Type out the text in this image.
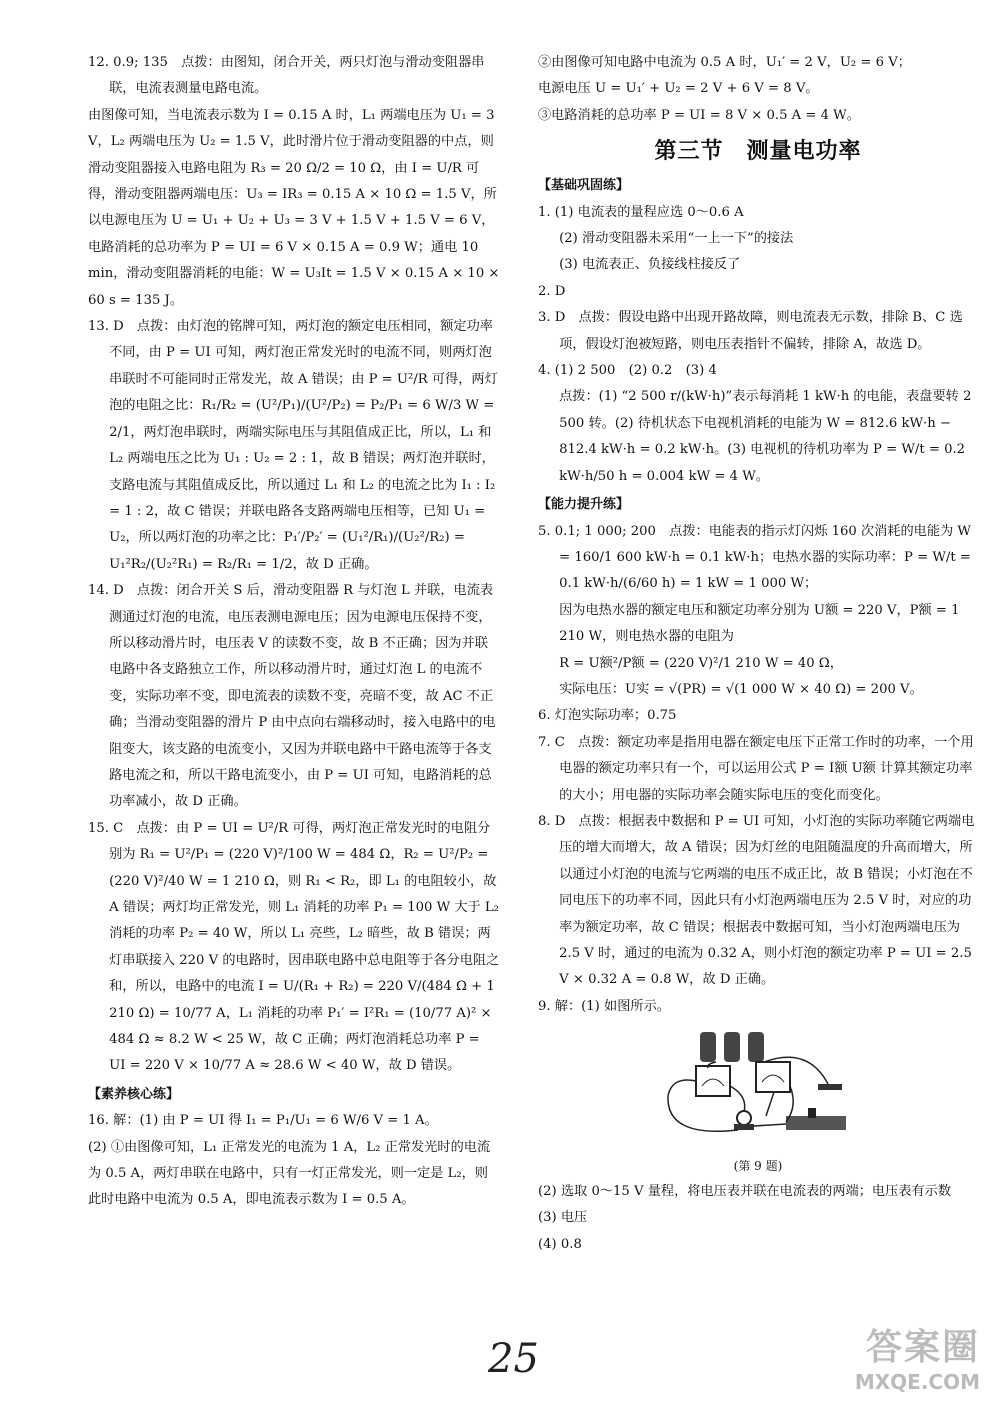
12. 0.9; 135　点拨：由图知，闭合开关，两只灯泡与滑动变阻器串联，电流表测量电路电流。

由图像可知，当电流表示数为 I = 0.15 A 时，L₁ 两端电压为 U₁ = 3 V，L₂ 两端电压为 U₂ = 1.5 V，此时滑片位于滑动变阻器的中点，则滑动变阻器接入电路电阻为 R₃ = 20 Ω/2 = 10 Ω，由 I = U/R 可得，滑动变阻器两端电压：U₃ = IR₃ = 0.15 A × 10 Ω = 1.5 V，所以电源电压为 U = U₁ + U₂ + U₃ = 3 V + 1.5 V + 1.5 V = 6 V，电路消耗的总功率为 P = UI = 6 V × 0.15 A = 0.9 W；通电 10 min，滑动变阻器消耗的电能：W = U₃It = 1.5 V × 0.15 A × 10 × 60 s = 135 J。

13. D　点拨：由灯泡的铭牌可知，两灯泡的额定电压相同，额定功率不同，由 P = UI 可知，两灯泡正常发光时的电流不同，则两灯泡串联时不可能同时正常发光，故 A 错误；由 P = U²/R 可得，两灯泡的电阻之比：R₁/R₂ = (U²/P₁)/(U²/P₂) = P₂/P₁ = 6 W/3 W = 2/1，两灯泡串联时，两端实际电压与其阻值成正比，所以，L₁ 和 L₂ 两端电压之比为 U₁ : U₂ = 2 : 1，故 B 错误；两灯泡并联时，支路电流与其阻值成反比，所以通过 L₁ 和 L₂ 的电流之比为 I₁ : I₂ = 1 : 2，故 C 错误；并联电路各支路两端电压相等，已知 U₁ = U₂，所以两灯泡的功率之比：P₁′/P₂′ = (U₁²/R₁)/(U₂²/R₂) = U₁²R₂/(U₂²R₁) = R₂/R₁ = 1/2，故 D 正确。

14. D　点拨：闭合开关 S 后，滑动变阻器 R 与灯泡 L 并联，电流表测通过灯泡的电流，电压表测电源电压；因为电源电压保持不变，所以移动滑片时，电压表 V 的读数不变，故 B 不正确；因为并联电路中各支路独立工作，所以移动滑片时，通过灯泡 L 的电流不变，实际功率不变，即电流表的读数不变，亮暗不变，故 AC 不正确；当滑动变阻器的滑片 P 由中点向右端移动时，接入电路中的电阻变大，该支路的电流变小，又因为并联电路中干路电流等于各支路电流之和，所以干路电流变小，由 P = UI 可知，电路消耗的总功率减小，故 D 正确。

15. C　点拨：由 P = UI = U²/R 可得，两灯泡正常发光时的电阻分别为 R₁ = U²/P₁ = (220 V)²/100 W = 484 Ω，R₂ = U²/P₂ = (220 V)²/40 W = 1 210 Ω，则 R₁ < R₂，即 L₁ 的电阻较小，故 A 错误；两灯均正常发光，则 L₁ 消耗的功率 P₁ = 100 W 大于 L₂ 消耗的功率 P₂ = 40 W，所以 L₁ 亮些，L₂ 暗些，故 B 错误；两灯串联接入 220 V 的电路时，因串联电路中总电阻等于各分电阻之和，所以，电路中的电流 I = U/(R₁ + R₂) = 220 V/(484 Ω + 1 210 Ω) = 10/77 A，L₁ 消耗的功率 P₁′ = I²R₁ = (10/77 A)² × 484 Ω ≈ 8.2 W < 25 W，故 C 正确；两灯泡消耗总功率 P = UI = 220 V × 10/77 A ≈ 28.6 W < 40 W，故 D 错误。

【素养核心练】

16. 解：(1) 由 P = UI 得 I₁ = P₁/U₁ = 6 W/6 V = 1 A。

(2) ①由图像可知，L₁ 正常发光的电流为 1 A，L₂ 正常发光时的电流为 0.5 A，两灯串联在电路中，只有一灯正常发光，则一定是 L₂，则此时电路中电流为 0.5 A，即电流表示数为 I = 0.5 A。

②由图像可知电路中电流为 0.5 A 时，U₁′ = 2 V，U₂ = 6 V；

电源电压 U = U₁′ + U₂ = 2 V + 6 V = 8 V。

③电路消耗的总功率 P = UI = 8 V × 0.5 A = 4 W。

第三节　测量电功率
【基础巩固练】

1. (1) 电流表的量程应选 0～0.6 A

(2) 滑动变阻器未采用“一上一下”的接法

(3) 电流表正、负接线柱接反了

2. D

3. D　点拨：假设电路中出现开路故障，则电流表无示数，排除 B、C 选项，假设灯泡被短路，则电压表指针不偏转，排除 A，故选 D。

4. (1) 2 500　(2) 0.2　(3) 4

点拨：(1) “2 500 r/(kW·h)”表示每消耗 1 kW·h 的电能，表盘要转 2 500 转。(2) 待机状态下电视机消耗的电能为 W = 812.6 kW·h − 812.4 kW·h = 0.2 kW·h。(3) 电视机的待机功率为 P = W/t = 0.2 kW·h/50 h = 0.004 kW = 4 W。

【能力提升练】

5. 0.1; 1 000; 200　点拨：电能表的指示灯闪烁 160 次消耗的电能为 W = 160/1 600 kW·h = 0.1 kW·h；电热水器的实际功率：P = W/t = 0.1 kW·h/(6/60 h) = 1 kW = 1 000 W；

因为电热水器的额定电压和额定功率分别为 U额 = 220 V，P额 = 1 210 W，则电热水器的电阻为

R = U额²/P额 = (220 V)²/1 210 W = 40 Ω，

实际电压：U实 = √(PR) = √(1 000 W × 40 Ω) = 200 V。

6. 灯泡实际功率；0.75

7. C　点拨：额定功率是指用电器在额定电压下正常工作时的功率，一个用电器的额定功率只有一个，可以运用公式 P = I额 U额 计算其额定功率的大小；用电器的实际功率会随实际电压的变化而变化。

8. D　点拨：根据表中数据和 P = UI 可知，小灯泡的实际功率随它两端电压的增大而增大，故 A 错误；因为灯丝的电阻随温度的升高而增大，所以通过小灯泡的电流与它两端的电压不成正比，故 B 错误；小灯泡在不同电压下的功率不同，因此只有小灯泡两端电压为 2.5 V 时，对应的功率为额定功率，故 C 错误；根据表中数据可知，当小灯泡两端电压为 2.5 V 时，通过的电流为 0.32 A，则小灯泡的额定功率 P = UI = 2.5 V × 0.32 A = 0.8 W，故 D 正确。

9. 解：(1) 如图所示。

(第 9 题)

(2) 选取 0～15 V 量程，将电压表并联在电流表的两端；电压表有示数

(3) 电压

(4) 0.8

25	答案圈
MXQE.COM
